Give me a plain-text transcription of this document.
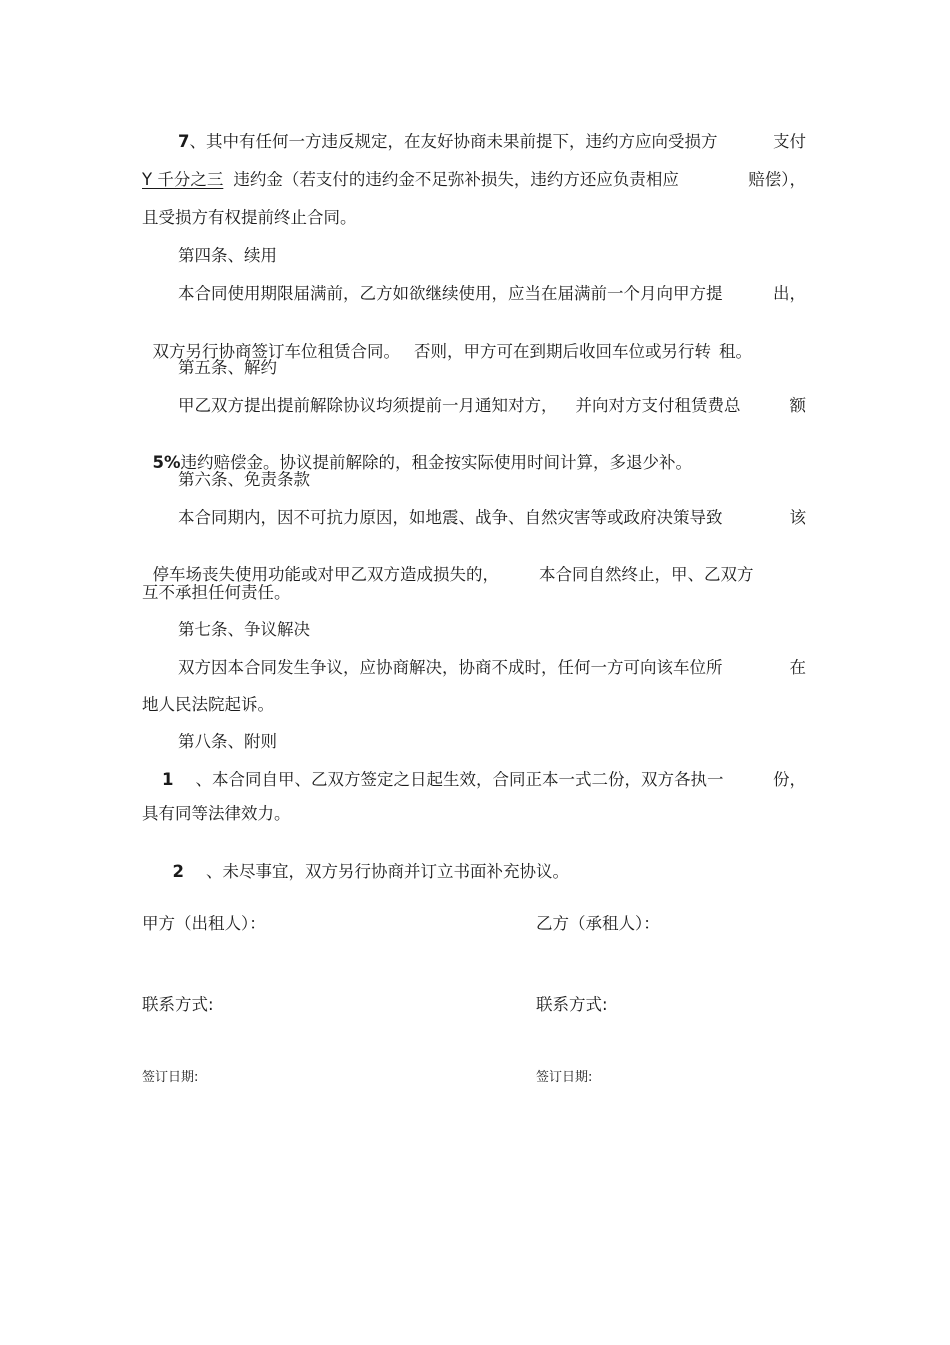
7、其中有任何一方违反规定，在友好协商未果前提下，违约方应向受损方	支付
Y 千分之三 违约金（若支付的违约金不足弥补损失，违约方还应负责相应	赔偿），
且受损方有权提前终止合同。
第四条、续用
本合同使用期限届满前，乙方如欲继续使用，应当在届满前一个月向甲方提	出，

双方另行协商签订车位租赁合同。 否则，甲方可在到期后收回车位或另行转 租。

第五条、解约
甲乙双方提出提前解除协议均须提前一月通知对方， 并向对方支付租赁费总	额

5%违约赔偿金。协议提前解除的，租金按实际使用时间计算，多退少补。

第六条、免责条款
本合同期内，因不可抗力原因，如地震、战争、自然灾害等或政府决策导致	该

停车场丧失使用功能或对甲乙双方造成损失的， 本合同自然终止，甲、乙双方

互不承担任何责任。
第七条、争议解决
双方因本合同发生争议，应协商解决，协商不成时，任何一方可向该车位所	在
地人民法院起诉。
第八条、附则
1 、本合同自甲、乙双方签定之日起生效，合同正本一式二份，双方各执一	份，
具有同等法律效力。

2 、未尽事宜，双方另行协商并订立书面补充协议。

甲方（出租人）：	乙方（承租人）：
联系方式:	联系方式:
签订日期:	签订日期:
